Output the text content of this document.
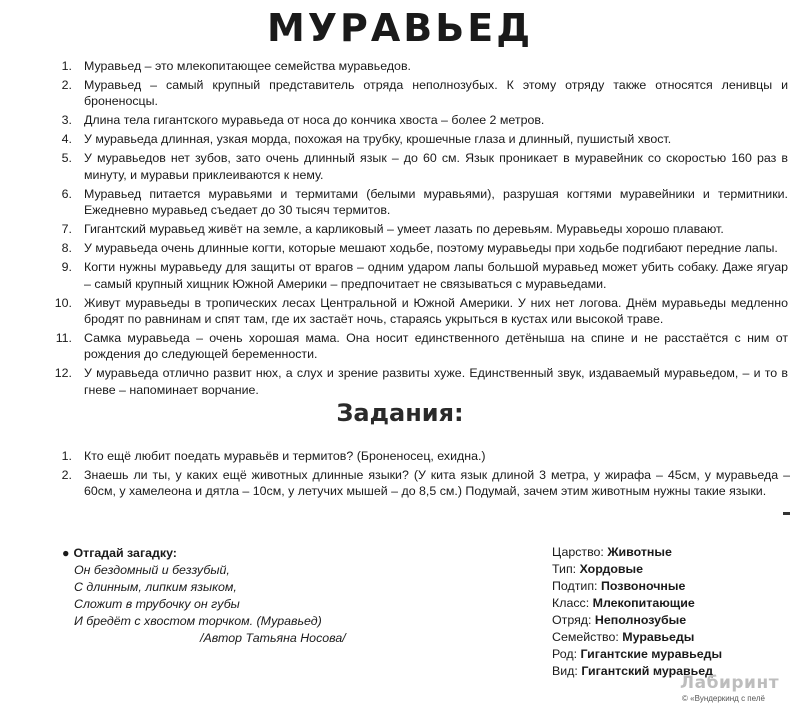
МУРАВЬЕД
1. Муравьед – это млекопитающее семейства муравьедов.
2. Муравьед – самый крупный представитель отряда неполнозубых. К этому отряду также относятся ленивцы и броненосцы.
3. Длина тела гигантского муравьеда от носа до кончика хвоста – более 2 метров.
4. У муравьеда длинная, узкая морда, похожая на трубку, крошечные глаза и длинный, пушистый хвост.
5. У муравьедов нет зубов, зато очень длинный язык – до 60 см. Язык проникает в муравейник со скоростью 160 раз в минуту, и муравьи приклеиваются к нему.
6. Муравьед питается муравьями и термитами (белыми муравьями), разрушая когтями муравейники и термитники. Ежедневно муравьед съедает до 30 тысяч термитов.
7. Гигантский муравьед живёт на земле, а карликовый – умеет лазать по деревьям. Муравьеды хорошо плавают.
8. У муравьеда очень длинные когти, которые мешают ходьбе, поэтому муравьеды при ходьбе подгибают передние лапы.
9. Когти нужны муравьеду для защиты от врагов – одним ударом лапы большой муравьед может убить собаку. Даже ягуар – самый крупный хищник Южной Америки – предпочитает не связываться с муравьедами.
10. Живут муравьеды в тропических лесах Центральной и Южной Америки. У них нет логова. Днём муравьеды медленно бродят по равнинам и спят там, где их застаёт ночь, стараясь укрыться в кустах или высокой траве.
11. Самка муравьеда – очень хорошая мама. Она носит единственного детёныша на спине и не расстаётся с ним от рождения до следующей беременности.
12. У муравьеда отлично развит нюх, а слух и зрение развиты хуже. Единственный звук, издаваемый муравьедом, – и то в гневе – напоминает ворчание.
Задания:
1. Кто ещё любит поедать муравьёв и термитов? (Броненосец, ехидна.)
2. Знаешь ли ты, у каких ещё животных длинные языки? (У кита язык длиной 3 метра, у жирафа – 45см, у муравьеда – 60см, у хамелеона и дятла – 10см, у летучих мышей – до 8,5 см.) Подумай, зачем этим животным нужны такие языки.
● Отгадай загадку:
Он бездомный и беззубый,
С длинным, липким языком,
Сложит в трубочку он губы
И бредёт с хвостом торчком. (Муравьед)
/Автор Татьяна Носова/
Царство: Животные
Тип: Хордовые
Подтип: Позвоночные
Класс: Млекопитающие
Отряд: Неполнозубые
Семейство: Муравьеды
Род: Гигантские муравьеды
Вид: Гигантский муравьед
Лабиринт
© «Вундеркинд с пелё
